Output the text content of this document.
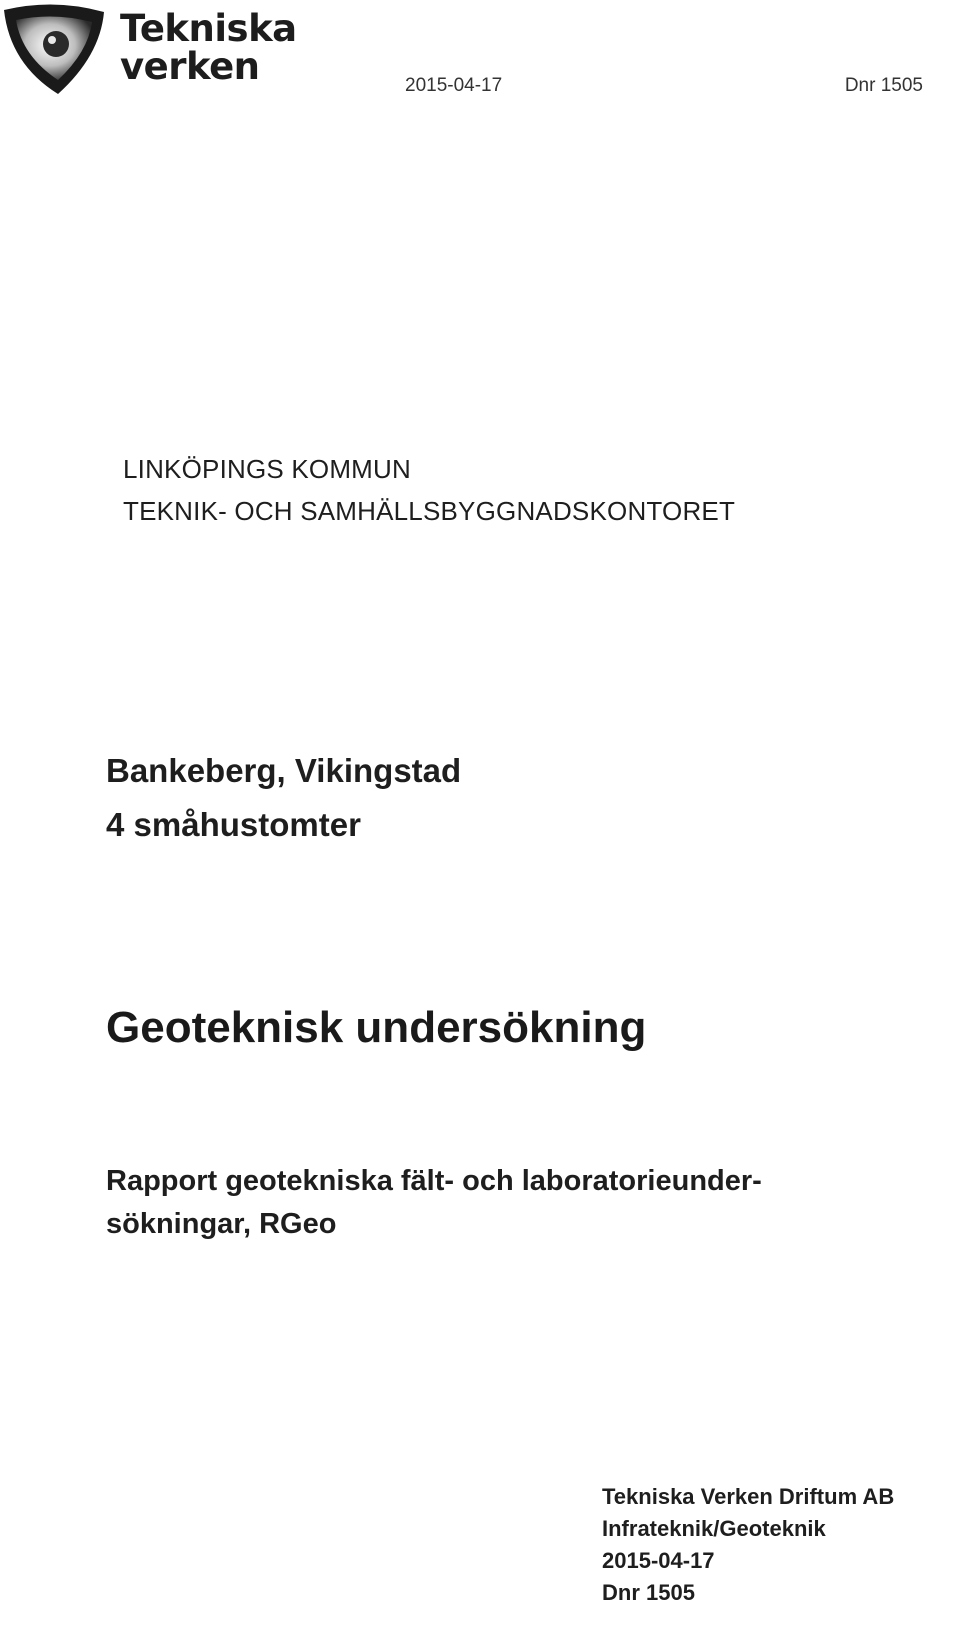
Tekniska
verken	2015-04-17	Dnr 1505
LINKÖPINGS KOMMUN
TEKNIK- OCH SAMHÄLLSBYGGNADSKONTORET
Bankeberg, Vikingstad
4 småhustomter
Geoteknisk undersökning
Rapport geotekniska fält- och laboratorieunder-
sökningar, RGeo
Tekniska Verken Driftum AB
Infrateknik/Geoteknik
2015-04-17
Dnr 1505
